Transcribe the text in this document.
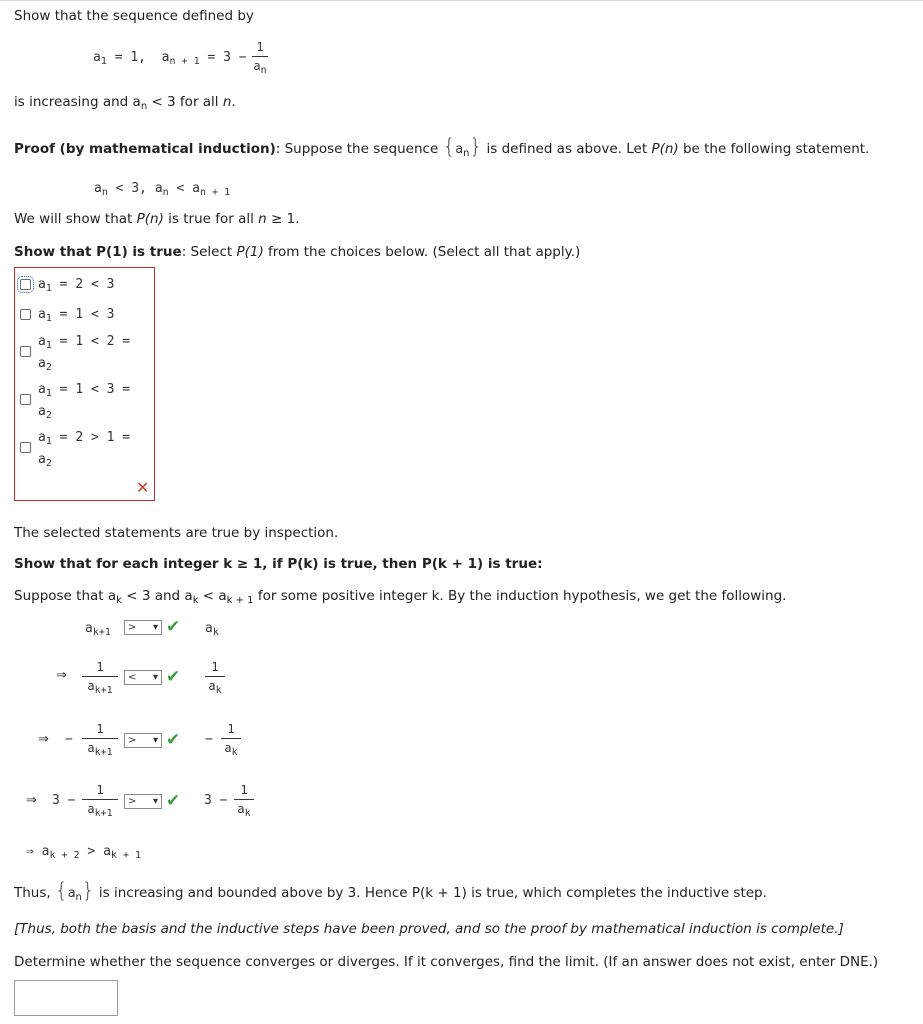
Show that the sequence defined by
$a_1 = 1$, $a_{n + 1} = 3$ −
1
$a_n$
is increasing and $a_n < 3$ for all n.
Proof (by mathematical induction): Suppose the sequence $\{a_n\}$ is defined as above. Let P(n) be the following statement.
$a_n < 3$, $a_n < a_{n + 1}$
We will show that P(n) is true for all n ≥ 1.
Show that P(1) is true: Select P(1) from the choices below. (Select all that apply.)
$a_1 = 2 < 3$
$a_1 = 1 < 3$
$a_1 = 1 < 2$ =
$a_2$
$a_1 = 1 < 3$ =
$a_2$
$a_1 = 2 > 1$ =
$a_2$
✕
The selected statements are true by inspection.
Show that for each integer k ≥ 1, if P(k) is true, then P(k + 1) is true:
Suppose that $a_k < 3$ and $a_k < a_{k + 1}$ for some positive integer k. By the induction hypothesis, we get the following.
$a_{k+1}$ > ▾ ✔ $a_k$
⇒
1
$a_{k+1}$
< ▾ ✔	1
$a_k$
⇒ −
1
$a_{k+1}$
> ▾ ✔ −
1
$a_k$
⇒ 3 −
1
$a_{k+1}$
> ▾ ✔ 3 −
1
$a_k$
⇒ $a_{k + 2} > a_{k + 1}$
Thus, $\{a_n\}$ is increasing and bounded above by 3. Hence P(k + 1) is true, which completes the inductive step.
[Thus, both the basis and the inductive steps have been proved, and so the proof by mathematical induction is complete.]
Determine whether the sequence converges or diverges. If it converges, find the limit. (If an answer does not exist, enter DNE.)
